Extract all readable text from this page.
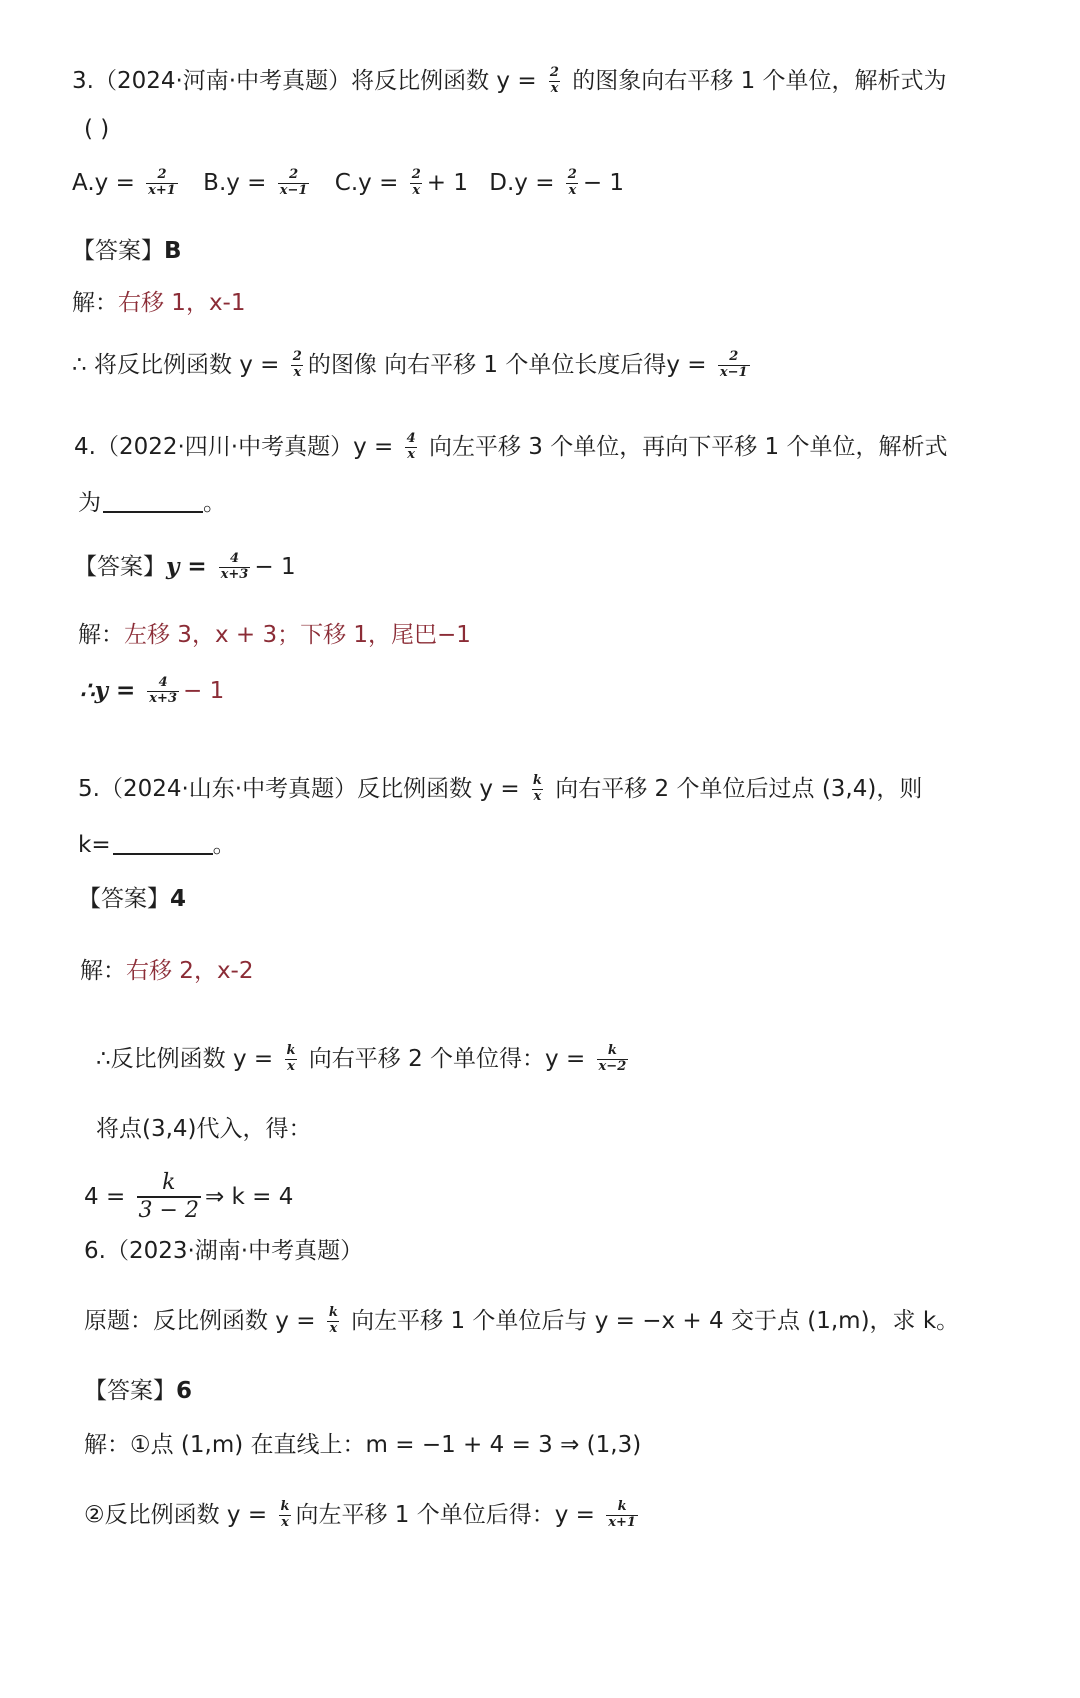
3.（2024·河南·中考真题）将反比例函数 $y = \frac{2}{x}$ 的图象向右平移 1 个单位，解析式为
( )
$A.y = \frac{2}{x+1} B.y = \frac{2}{x-1} C.y = \frac{2}{x} + 1$ $D.y = \frac{2}{x} - 1$
【答案】B
解：右移 1，x-1
∴ 将反比例函数 $y = \frac{2}{x}$ 的图像 向右平移 1 个单位长度后得$y = \frac{2}{x-1}$
4.（2022·四川·中考真题）$y = \frac{4}{x}$ 向左平移 3 个单位，再向下平移 1 个单位，解析式
为	。
【答案】$y = \frac{4}{x+3} - 1$
解：左移 3，x + 3；下移 1，尾巴−1
∴y = $\frac{4}{x+3} - 1$
5.（2024·山东·中考真题）反比例函数 $y = \frac{k}{x}$ 向右平移 2 个单位后过点 (3,4)，则
k=	。
【答案】4
解：右移 2，x-2
∴反比例函数 $y = \frac{k}{x}$ 向右平移 2 个单位得：$y = \frac{k}{x-2}$
将点(3,4)代入，得：
$4 = \frac{k}{3 - 2}$ ⇒ k = 4
6.（2023·湖南·中考真题）
原题：反比例函数 $y = \frac{k}{x}$ 向左平移 1 个单位后与 y = −x + 4 交于点 (1,m)，求 k。
【答案】6
解：①点 (1,m) 在直线上：m = −1 + 4 = 3 ⇒ (1,3)
②反比例函数 $y = \frac{k}{x}$ 向左平移 1 个单位后得：$y = \frac{k}{x+1}$
